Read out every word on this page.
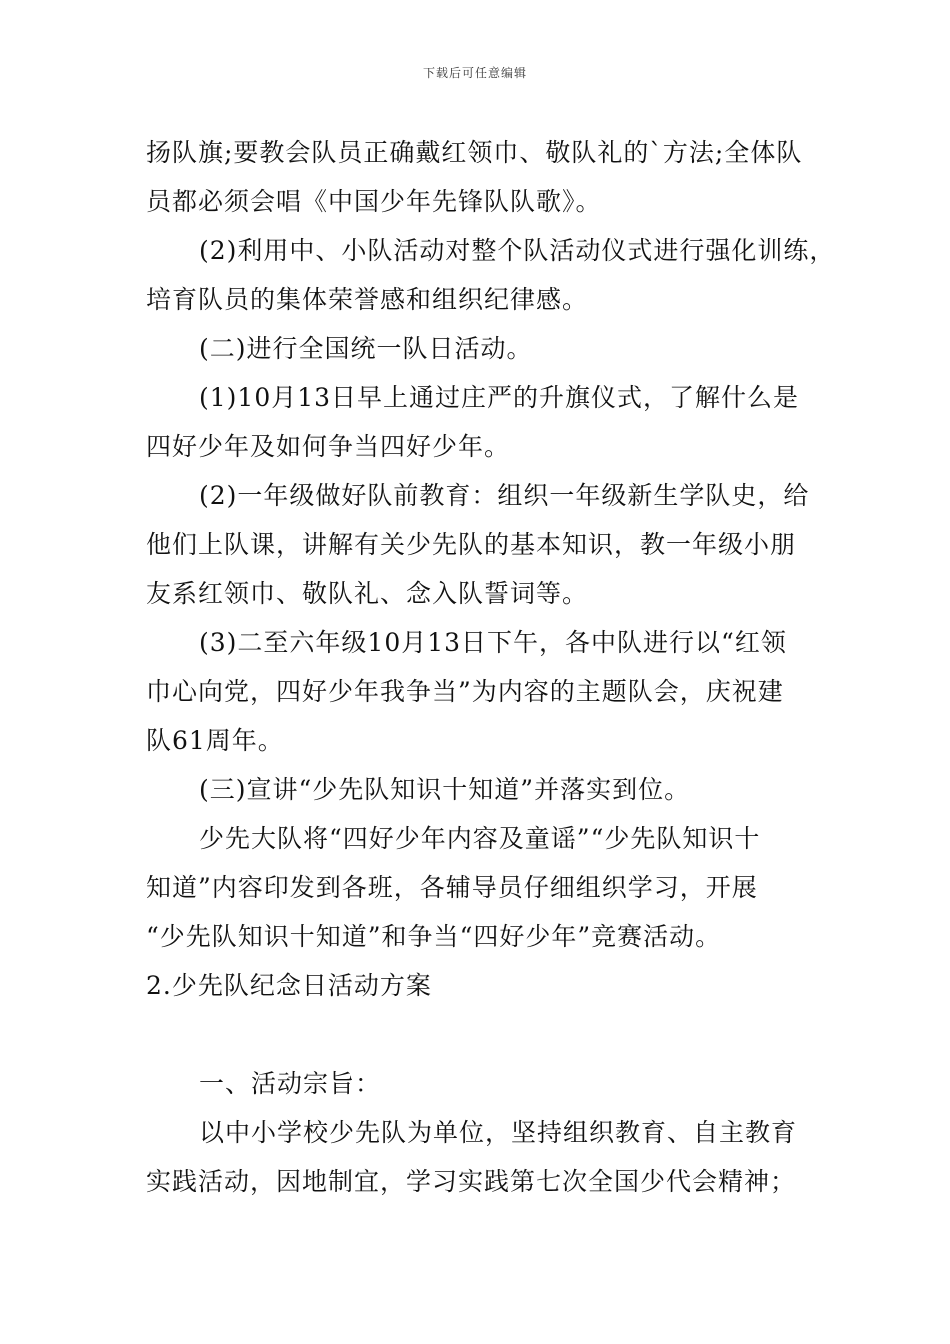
下载后可任意编辑
扬队旗;要教会队员正确戴红领巾、敬队礼的`方法;全体队
员都必须会唱《中国少年先锋队队歌》。
(2)利用中、小队活动对整个队活动仪式进行强化训练，
培育队员的集体荣誉感和组织纪律感。
(二)进行全国统一队日活动。
(1)10月13日早上通过庄严的升旗仪式，了解什么是
四好少年及如何争当四好少年。
(2)一年级做好队前教育：组织一年级新生学队史，给
他们上队课，讲解有关少先队的基本知识，教一年级小朋
友系红领巾、敬队礼、念入队誓词等。
(3)二至六年级10月13日下午，各中队进行以“红领
巾心向党，四好少年我争当”为内容的主题队会，庆祝建
队61周年。
(三)宣讲“少先队知识十知道”并落实到位。
少先大队将“四好少年内容及童谣”“少先队知识十
知道”内容印发到各班，各辅导员仔细组织学习，开展
“少先队知识十知道”和争当“四好少年”竞赛活动。
2.少先队纪念日活动方案
一、活动宗旨：
以中小学校少先队为单位，坚持组织教育、自主教育
实践活动，因地制宜，学习实践第七次全国少代会精神；
